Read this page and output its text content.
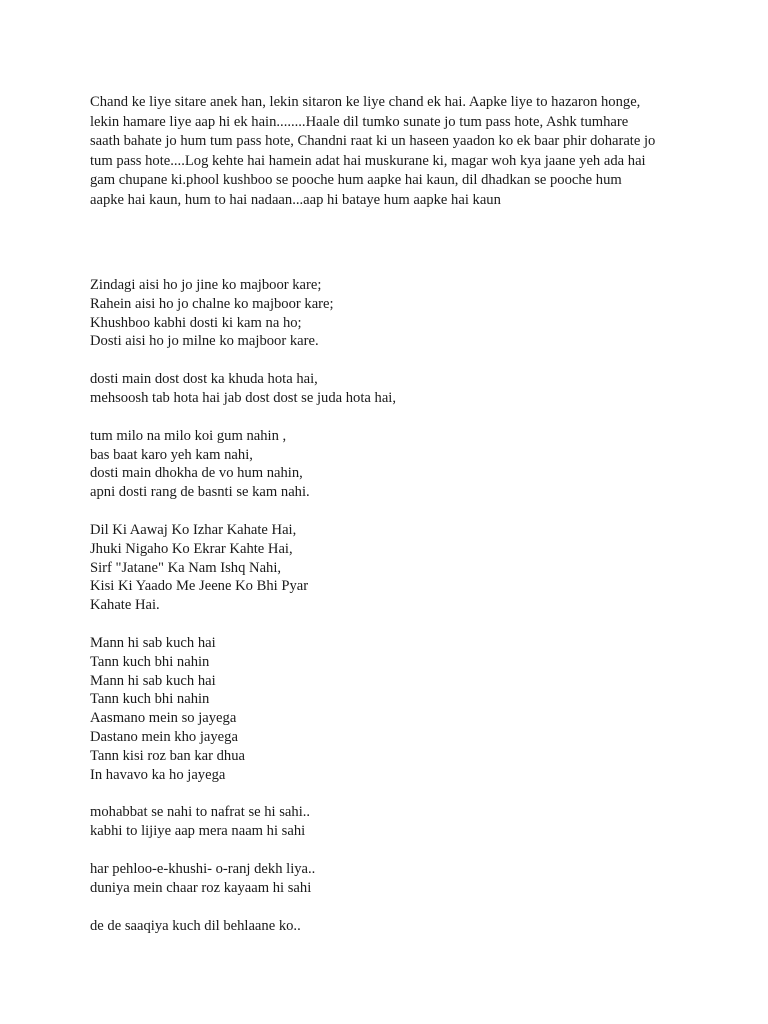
Chand ke liye sitare anek han, lekin sitaron ke liye chand ek hai. Aapke liye to hazaron honge,
lekin hamare liye aap hi ek hain........Haale dil tumko sunate jo tum pass hote, Ashk tumhare
saath bahate jo hum tum pass hote, Chandni raat ki un haseen yaadon ko ek baar phir doharate jo
tum pass hote....Log kehte hai hamein adat hai muskurane ki, magar woh kya jaane yeh ada hai
gam chupane ki.phool kushboo se pooche hum aapke hai kaun, dil dhadkan se pooche hum
aapke hai kaun, hum to hai nadaan...aap hi bataye hum aapke hai kaun
Zindagi aisi ho jo jine ko majboor kare;
Rahein aisi ho jo chalne ko majboor kare;
Khushboo kabhi dosti ki kam na ho;
Dosti aisi ho jo milne ko majboor kare.
dosti main dost dost ka khuda hota hai,
mehsoosh tab hota hai jab dost dost se juda hota hai,
tum milo na milo koi gum nahin ,
bas baat karo yeh kam nahi,
dosti main dhokha de vo hum nahin,
apni dosti rang de basnti se kam nahi.
Dil Ki Aawaj Ko Izhar Kahate Hai,
Jhuki Nigaho Ko Ekrar Kahte Hai,
Sirf "Jatane" Ka Nam Ishq Nahi,
Kisi Ki Yaado Me Jeene Ko Bhi Pyar
Kahate Hai.
Mann hi sab kuch hai
Tann kuch bhi nahin
Mann hi sab kuch hai
Tann kuch bhi nahin
Aasmano mein so jayega
Dastano mein kho jayega
Tann kisi roz ban kar dhua
In havavo ka ho jayega
mohabbat se nahi to nafrat se hi sahi..
kabhi to lijiye aap mera naam hi sahi
har pehloo-e-khushi- o-ranj dekh liya..
duniya mein chaar roz kayaam hi sahi
de de saaqiya kuch dil behlaane ko..
